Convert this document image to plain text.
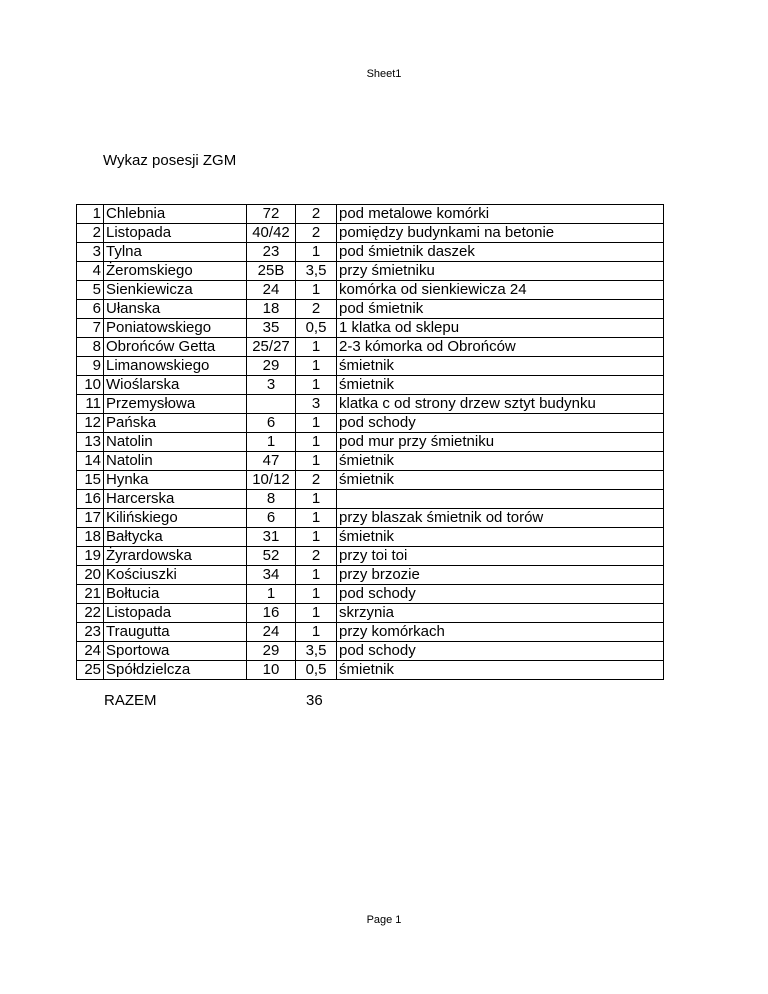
Sheet1
Wykaz posesji ZGM
1	Chlebnia	72	2	pod metalowe komórki
2	Listopada	40/42	2	pomiędzy budynkami na betonie
3	Tylna	23	1	pod śmietnik daszek
4	Żeromskiego	25B	3,5	przy śmietniku
5	Sienkiewicza	24	1	komórka od sienkiewicza 24
6	Ułanska	18	2	pod śmietnik
7	Poniatowskiego	35	0,5	1 klatka od sklepu
8	Obrońców Getta	25/27	1	2-3 kómorka od Obrońców
9	Limanowskiego	29	1	śmietnik
10	Wioślarska	3	1	śmietnik
11	Przemysłowa		3	klatka c od strony drzew sztyt budynku
12	Pańska	6	1	pod schody
13	Natolin	1	1	pod mur przy śmietniku
14	Natolin	47	1	śmietnik
15	Hynka	10/12	2	śmietnik
16	Harcerska	8	1	
17	Kilińskiego	6	1	przy blaszak śmietnik od torów
18	Bałtycka	31	1	śmietnik
19	Żyrardowska	52	2	przy toi toi
20	Kościuszki	34	1	przy brzozie
21	Bołtucia	1	1	pod schody
22	Listopada	16	1	skrzynia
23	Traugutta	24	1	przy komórkach
24	Sportowa	29	3,5	pod schody
25	Spółdzielcza	10	0,5	śmietnik
RAZEM	36
Page 1
